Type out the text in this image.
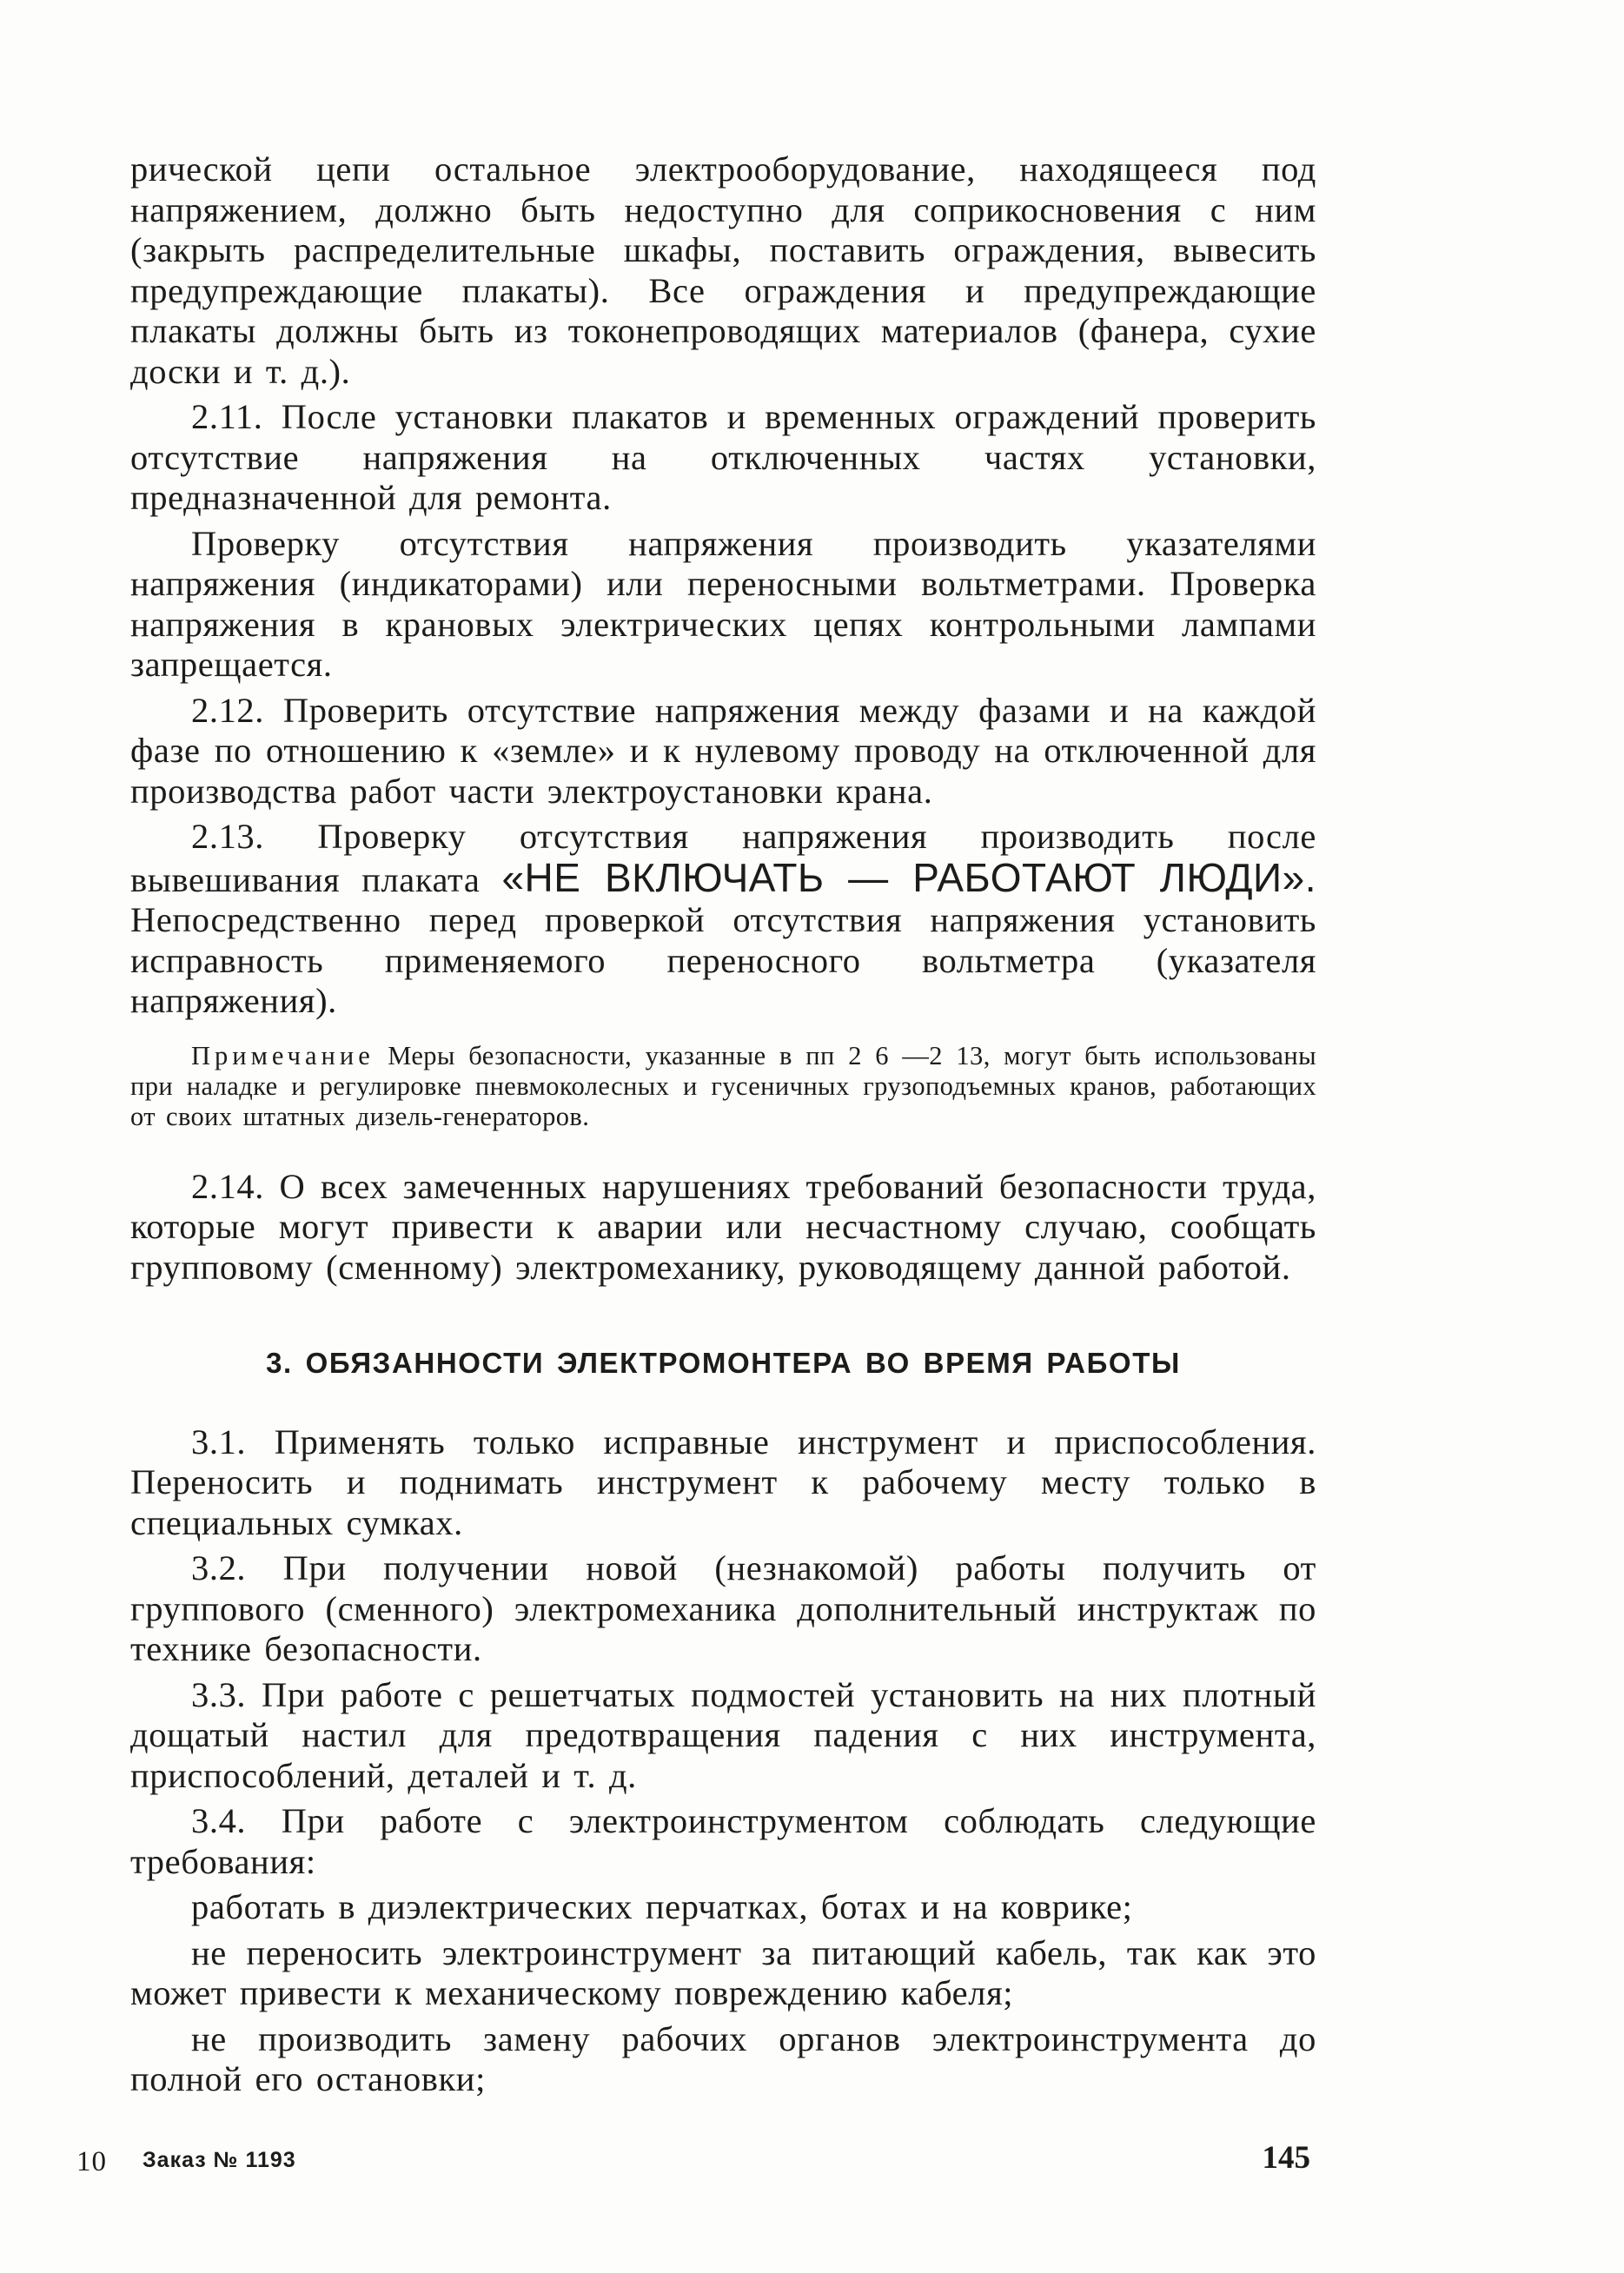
рической цепи остальное электрооборудование, находящееся под напряжением, должно быть недоступно для соприкосновения с ним (закрыть распределительные шкафы, поставить ограждения, вывесить предупреждающие плакаты). Все ограждения и предупреждающие плакаты должны быть из токонепроводящих материалов (фанера, сухие доски и т. д.).

2.11. После установки плакатов и временных ограждений проверить отсутствие напряжения на отключенных частях установки, предназначенной для ремонта.

Проверку отсутствия напряжения производить указателями напряжения (индикаторами) или переносными вольтметрами. Проверка напряжения в крановых электрических цепях контрольными лампами запрещается.

2.12. Проверить отсутствие напряжения между фазами и на каждой фазе по отношению к «земле» и к нулевому проводу на отключенной для производства работ части электроустановки крана.

2.13. Проверку отсутствия напряжения производить после вывешивания плаката «НЕ ВКЛЮЧАТЬ — РАБОТАЮТ ЛЮДИ». Непосредственно перед проверкой отсутствия напряжения установить исправность применяемого переносного вольтметра (указателя напряжения).

Примечание Меры безопасности, указанные в пп 2 6 —2 13, могут быть использованы при наладке и регулировке пневмоколесных и гусеничных грузоподъемных кранов, работающих от своих штатных дизель-генераторов.

2.14. О всех замеченных нарушениях требований безопасности труда, которые могут привести к аварии или несчастному случаю, сообщать групповому (сменному) электромеханику, руководящему данной работой.

3. ОБЯЗАННОСТИ ЭЛЕКТРОМОНТЕРА ВО ВРЕМЯ РАБОТЫ

3.1. Применять только исправные инструмент и приспособления. Переносить и поднимать инструмент к рабочему месту только в специальных сумках.

3.2. При получении новой (незнакомой) работы получить от группового (сменного) электромеханика дополнительный инструктаж по технике безопасности.

3.3. При работе с решетчатых подмостей установить на них плотный дощатый настил для предотвращения падения с них инструмента, приспособлений, деталей и т. д.

3.4. При работе с электроинструментом соблюдать следующие требования:

работать в диэлектрических перчатках, ботах и на коврике;

не переносить электроинструмент за питающий кабель, так как это может привести к механическому повреждению кабеля;

не производить замену рабочих органов электроинструмента до полной его остановки;

10 Заказ № 1193	145
